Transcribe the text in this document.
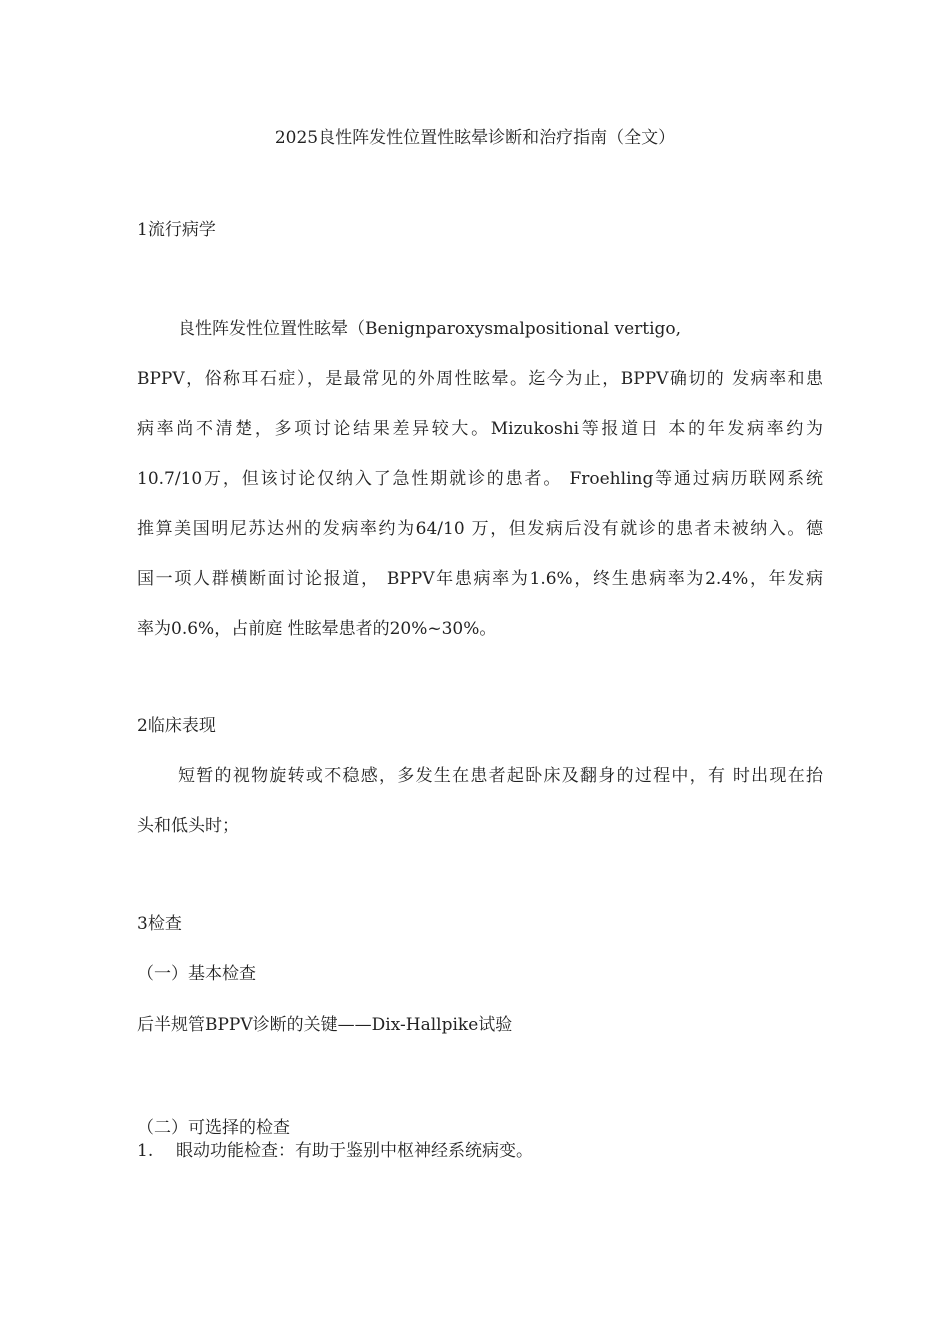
2025良性阵发性位置性眩晕诊断和治疗指南（全文）
1流行病学
良性阵发性位置性眩晕（Benignparoxysmalpositional vertigo,
BPPV，俗称耳石症），是最常见的外周性眩晕。迄今为止，BPPV确切的 发病率和患
病率尚不清楚，多项讨论结果差异较大。Mizukoshi等报道日 本的年发病率约为
10.7/10万，但该讨论仅纳入了急性期就诊的患者。 Froehling等通过病历联网系统
推算美国明尼苏达州的发病率约为64/10 万，但发病后没有就诊的患者未被纳入。德
国一项人群横断面讨论报道， BPPV年患病率为1.6%，终生患病率为2.4%，年发病
率为0.6%，占前庭 性眩晕患者的20%~30%。
2临床表现
短暂的视物旋转或不稳感，多发生在患者起卧床及翻身的过程中，有 时出现在抬
头和低头时；
3检查
（一）基本检查
后半规管BPPV诊断的关键——Dix-Hallpike试验
（二）可选择的检查
1. 眼动功能检查：有助于鉴别中枢神经系统病变。
